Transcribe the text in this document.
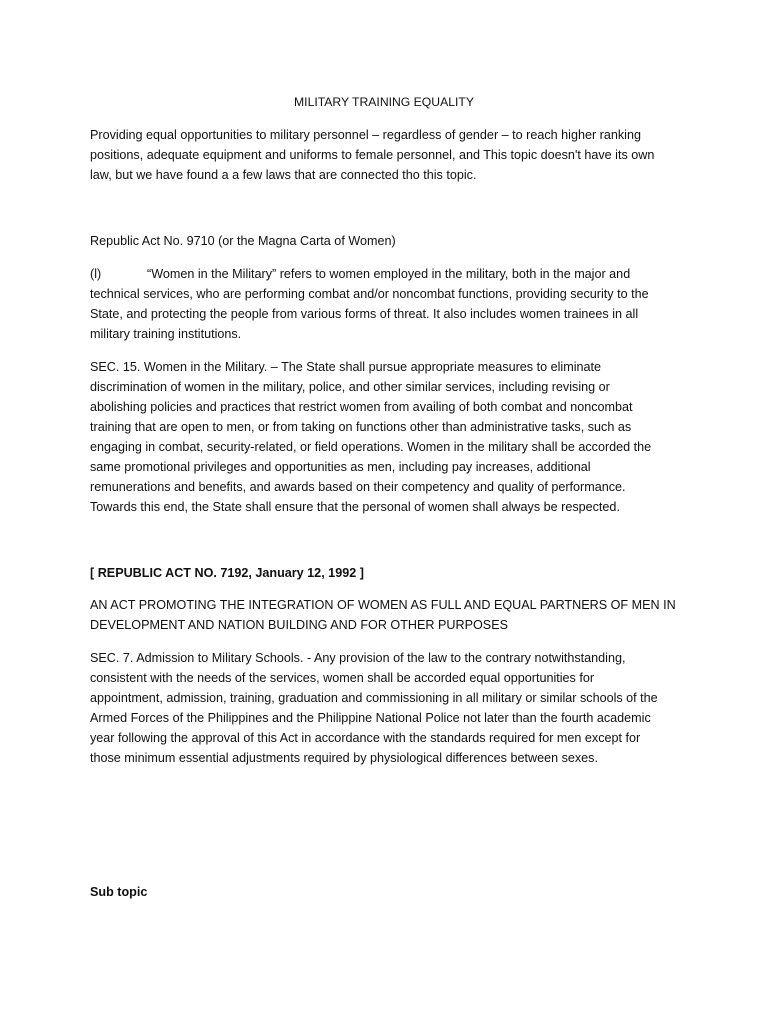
MILITARY TRAINING EQUALITY
Providing equal opportunities to military personnel – regardless of gender – to reach higher ranking
positions, adequate equipment and uniforms to female personnel, and This topic doesn't have its own
law, but we have found a a few laws that are connected tho this topic.
Republic Act No. 9710 (or the Magna Carta of Women)
(l)	“Women in the Military” refers to women employed in the military, both in the major and
technical services, who are performing combat and/or noncombat functions, providing security to the
State, and protecting the people from various forms of threat. It also includes women trainees in all
military training institutions.
SEC. 15. Women in the Military. – The State shall pursue appropriate measures to eliminate
discrimination of women in the military, police, and other similar services, including revising or
abolishing policies and practices that restrict women from availing of both combat and noncombat
training that are open to men, or from taking on functions other than administrative tasks, such as
engaging in combat, security-related, or field operations. Women in the military shall be accorded the
same promotional privileges and opportunities as men, including pay increases, additional
remunerations and benefits, and awards based on their competency and quality of performance.
Towards this end, the State shall ensure that the personal of women shall always be respected.
[ REPUBLIC ACT NO. 7192, January 12, 1992 ]
AN ACT PROMOTING THE INTEGRATION OF WOMEN AS FULL AND EQUAL PARTNERS OF MEN IN
DEVELOPMENT AND NATION BUILDING AND FOR OTHER PURPOSES
SEC. 7. Admission to Military Schools. - Any provision of the law to the contrary notwithstanding,
consistent with the needs of the services, women shall be accorded equal opportunities for
appointment, admission, training, graduation and commissioning in all military or similar schools of the
Armed Forces of the Philippines and the Philippine National Police not later than the fourth academic
year following the approval of this Act in accordance with the standards required for men except for
those minimum essential adjustments required by physiological differences between sexes.
Sub topic
